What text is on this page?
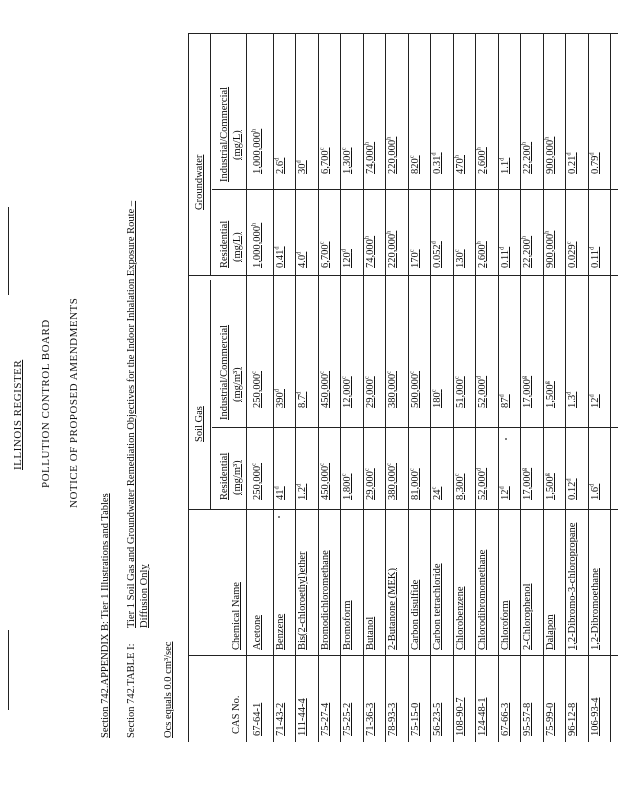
ILLINOIS REGISTER POLLUTION CONTROL BOARD NOTICE OF PROPOSED AMENDMENTS
Section 742.APPENDIX B: Tier 1 Illustrations and Tables Section 742.TABLE I:
Tier 1 Soil Gas and Groundwater Remediation Objectives for the Indoor Inhalation Exposure Route – Diffusion Only
Ocs equals 0.0 cm³/sec
Soil Gas
Groundwater
CAS No.
Chemical Name
Residential (mg/m³)
Industrial/Commercial (mg/m³)
Residential (mg/L)
Industrial/Commercial (mg/L)
67-64-1
Acetone
250,000$^c$
250,000$^c$
1,000,000$^h$
1,000,000$^h$
71-43-2
Benzene
41$^d$
390$^d$
0.41$^d$
2.6$^d$
111-44-4
Bis(2-chloroethyl)ether
1.2$^d$
8.7$^d$
4.0$^d$
30$^d$
75-27-4
Bromodichloromethane
450,000$^c$
450,000$^c$
6,700$^c$
6,700$^c$
75-25-2
Bromoform
1,800$^c$
12,000$^c$
120$^d$
1,300$^c$
71-36-3
Butanol
29,000$^c$
29,000$^c$
74,000$^h$
74,000$^h$
78-93-3
2-Butanone (MEK)
380,000$^c$
380,000$^c$
220,000$^h$
220,000$^h$
75-15-0
Carbon disulfide
81,000$^c$
500,000$^c$
170$^c$
820$^c$
56-23-5
Carbon tetrachloride
24$^c$
180$^c$
0.052$^d$
0.31$^d$
108-90-7
Chlorobenzene
8,300$^c$
51,000$^c$
130$^c$
470$^h$
124-48-1
Chlorodibromomethane
52,000$^d$
52,000$^d$
2,600$^h$
2,600$^h$
67-66-3
Chloroform
12$^d$
87$^d$
0.11$^d$
1.1$^d$
95-57-8
2-Chlorophenol
17,000$^g$
17,000$^g$
22,200$^h$
22,200$^h$
75-99-0
Dalapon
1,500$^g$
1,500$^g$
900,000$^h$
900,000$^h$
96-12-8
1,2-Dibromo-3-chloropropane
0.12$^d$
1.3$^d$
0.029$^c$
0.21$^d$
106-93-4
1,2-Dibromoethane
1.6$^d$
12$^d$
0.11$^d$
0.79$^d$
